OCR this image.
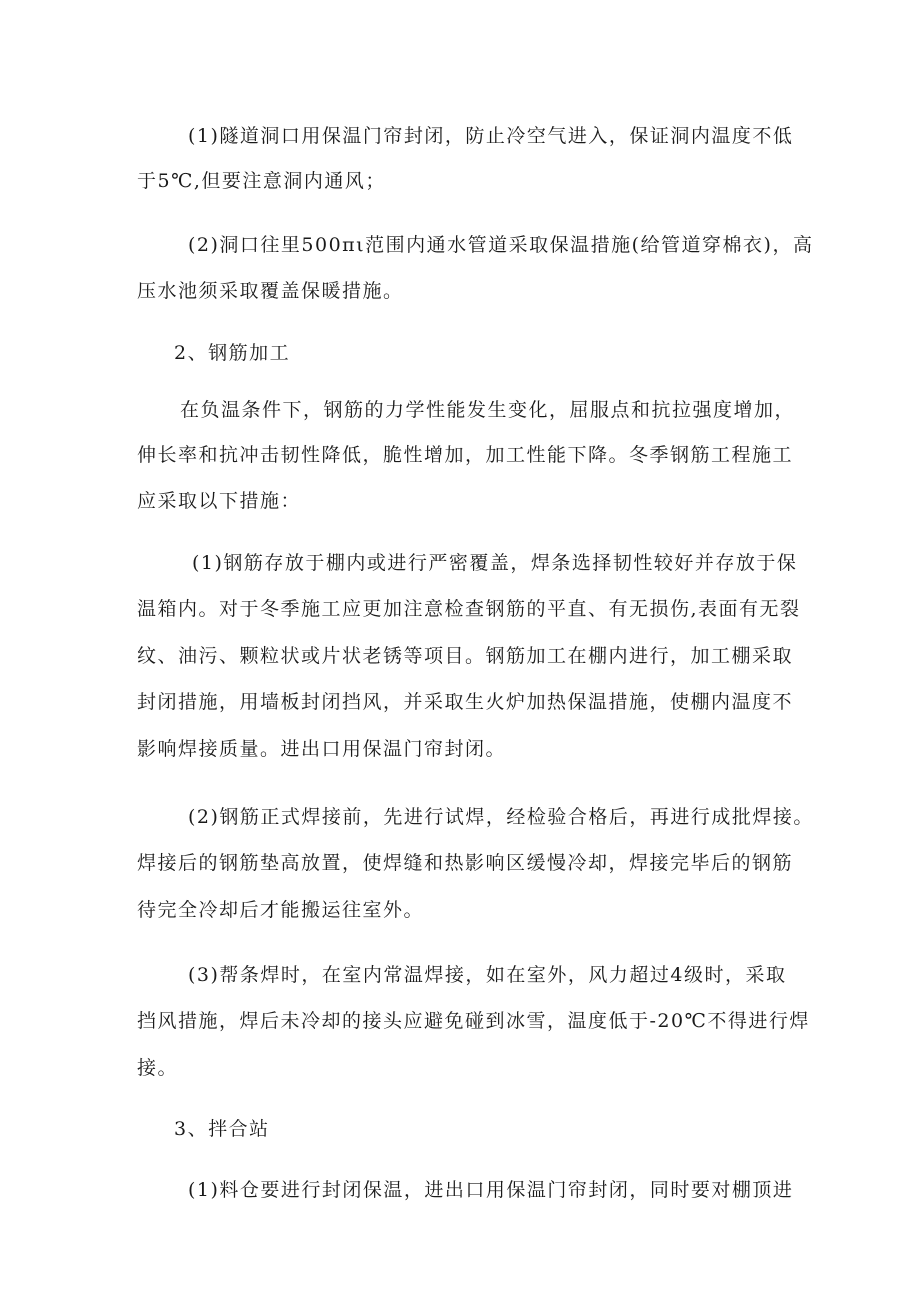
(1)隧道洞口用保温门帘封闭，防止冷空气进入，保证洞内温度不低
于5℃,但要注意洞内通风；
(2)洞口往里500πι范围内通水管道采取保温措施(给管道穿棉衣)，高
压水池须采取覆盖保暖措施。
2、钢筋加工
在负温条件下，钢筋的力学性能发生变化，屈服点和抗拉强度增加，
伸长率和抗冲击韧性降低，脆性增加，加工性能下降。冬季钢筋工程施工
应采取以下措施：
(1)钢筋存放于棚内或进行严密覆盖，焊条选择韧性较好并存放于保
温箱内。对于冬季施工应更加注意检查钢筋的平直、有无损伤,表面有无裂
纹、油污、颗粒状或片状老锈等项目。钢筋加工在棚内进行，加工棚采取
封闭措施，用墙板封闭挡风，并采取生火炉加热保温措施，使棚内温度不
影响焊接质量。进出口用保温门帘封闭。
(2)钢筋正式焊接前，先进行试焊，经检验合格后，再进行成批焊接。
焊接后的钢筋垫高放置，使焊缝和热影响区缓慢冷却，焊接完毕后的钢筋
待完全冷却后才能搬运往室外。
(3)帮条焊时，在室内常温焊接，如在室外，风力超过4级时，采取
挡风措施，焊后未冷却的接头应避免碰到冰雪，温度低于-20℃不得进行焊
接。
3、拌合站
(1)料仓要进行封闭保温，进出口用保温门帘封闭，同时要对棚顶进
